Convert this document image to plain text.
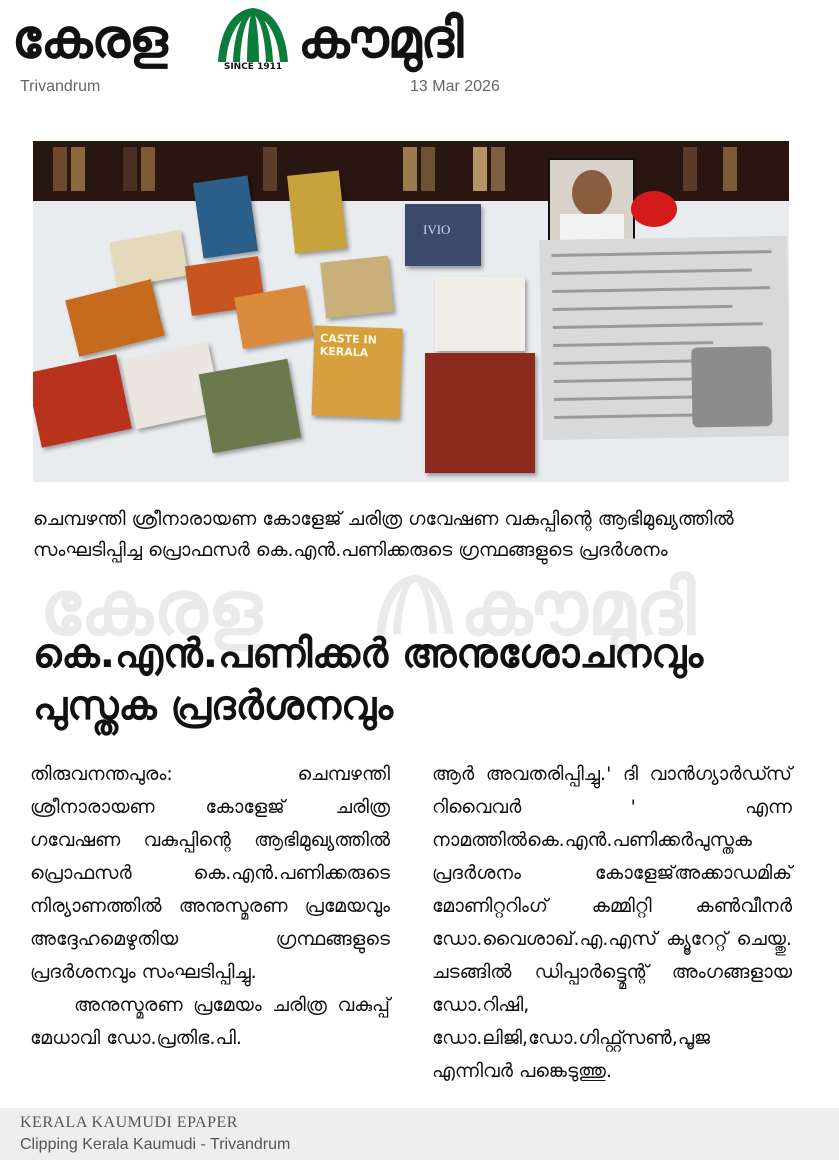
കേരള	SINCE 1911 കൗമുദി
Trivandrum	13 Mar 2026
IVIO
CASTE IN KERALA
ചെമ്പഴന്തി ശ്രീനാരായണ കോളേജ് ചരിത്ര ഗവേഷണ വകുപ്പിന്റെ ആഭിമുഖ്യത്തിൽ സംഘടിപ്പിച്ച പ്രൊഫസർ കെ.എൻ.പണിക്കരുടെ ഗ്രന്ഥങ്ങളുടെ പ്രദർശനം
കേരള	കൗമുദി
കെ.എൻ.പണിക്കർ അനുശോചനവും
പുസ്തക പ്രദർശനവും
തിരുവനന്തപുരം: ചെമ്പഴന്തി ശ്രീനാരായണ കോളേജ് ചരിത്ര ഗവേഷണ വകുപ്പിന്റെ ആഭിമുഖ്യത്തിൽ പ്രൊഫസർ കെ.എൻ.പണിക്കരുടെ നിര്യാണത്തിൽ അനുസ്മരണ പ്രമേയവും അദ്ദേഹമെഴുതിയ ഗ്രന്ഥങ്ങളുടെ പ്രദർശനവും സംഘടിപ്പിച്ചു.
അനുസ്മരണ പ്രമേയം ചരിത്ര വകുപ്പ് മേധാവി ഡോ.പ്രതിഭ.പി.
ആർ അവതരിപ്പിച്ചു.' ദി വാൻഗ്യാർഡ്സ് റിവൈവർ ' എന്ന നാമത്തിൽകെ.എൻ.പണിക്കർപുസ്തക പ്രദർശനം കോളേജ്അക്കാഡമിക് മോണിറ്ററിംഗ് കമ്മിറ്റി കൺവീനർ ഡോ.വൈശാഖ്.എ.എസ് ക്യൂറേറ്റ് ചെയ്തു. ചടങ്ങിൽ ഡിപ്പാർട്ട്മെന്റ് അംഗങ്ങളായ ഡോ.റിഷി, ഡോ.ലിജി,ഡോ.ഗിഫ്റ്റ്സൺ,പൂജ എന്നിവർ പങ്കെടുത്തു.
KERALA KAUMUDI EPAPER
Clipping Kerala Kaumudi - Trivandrum
